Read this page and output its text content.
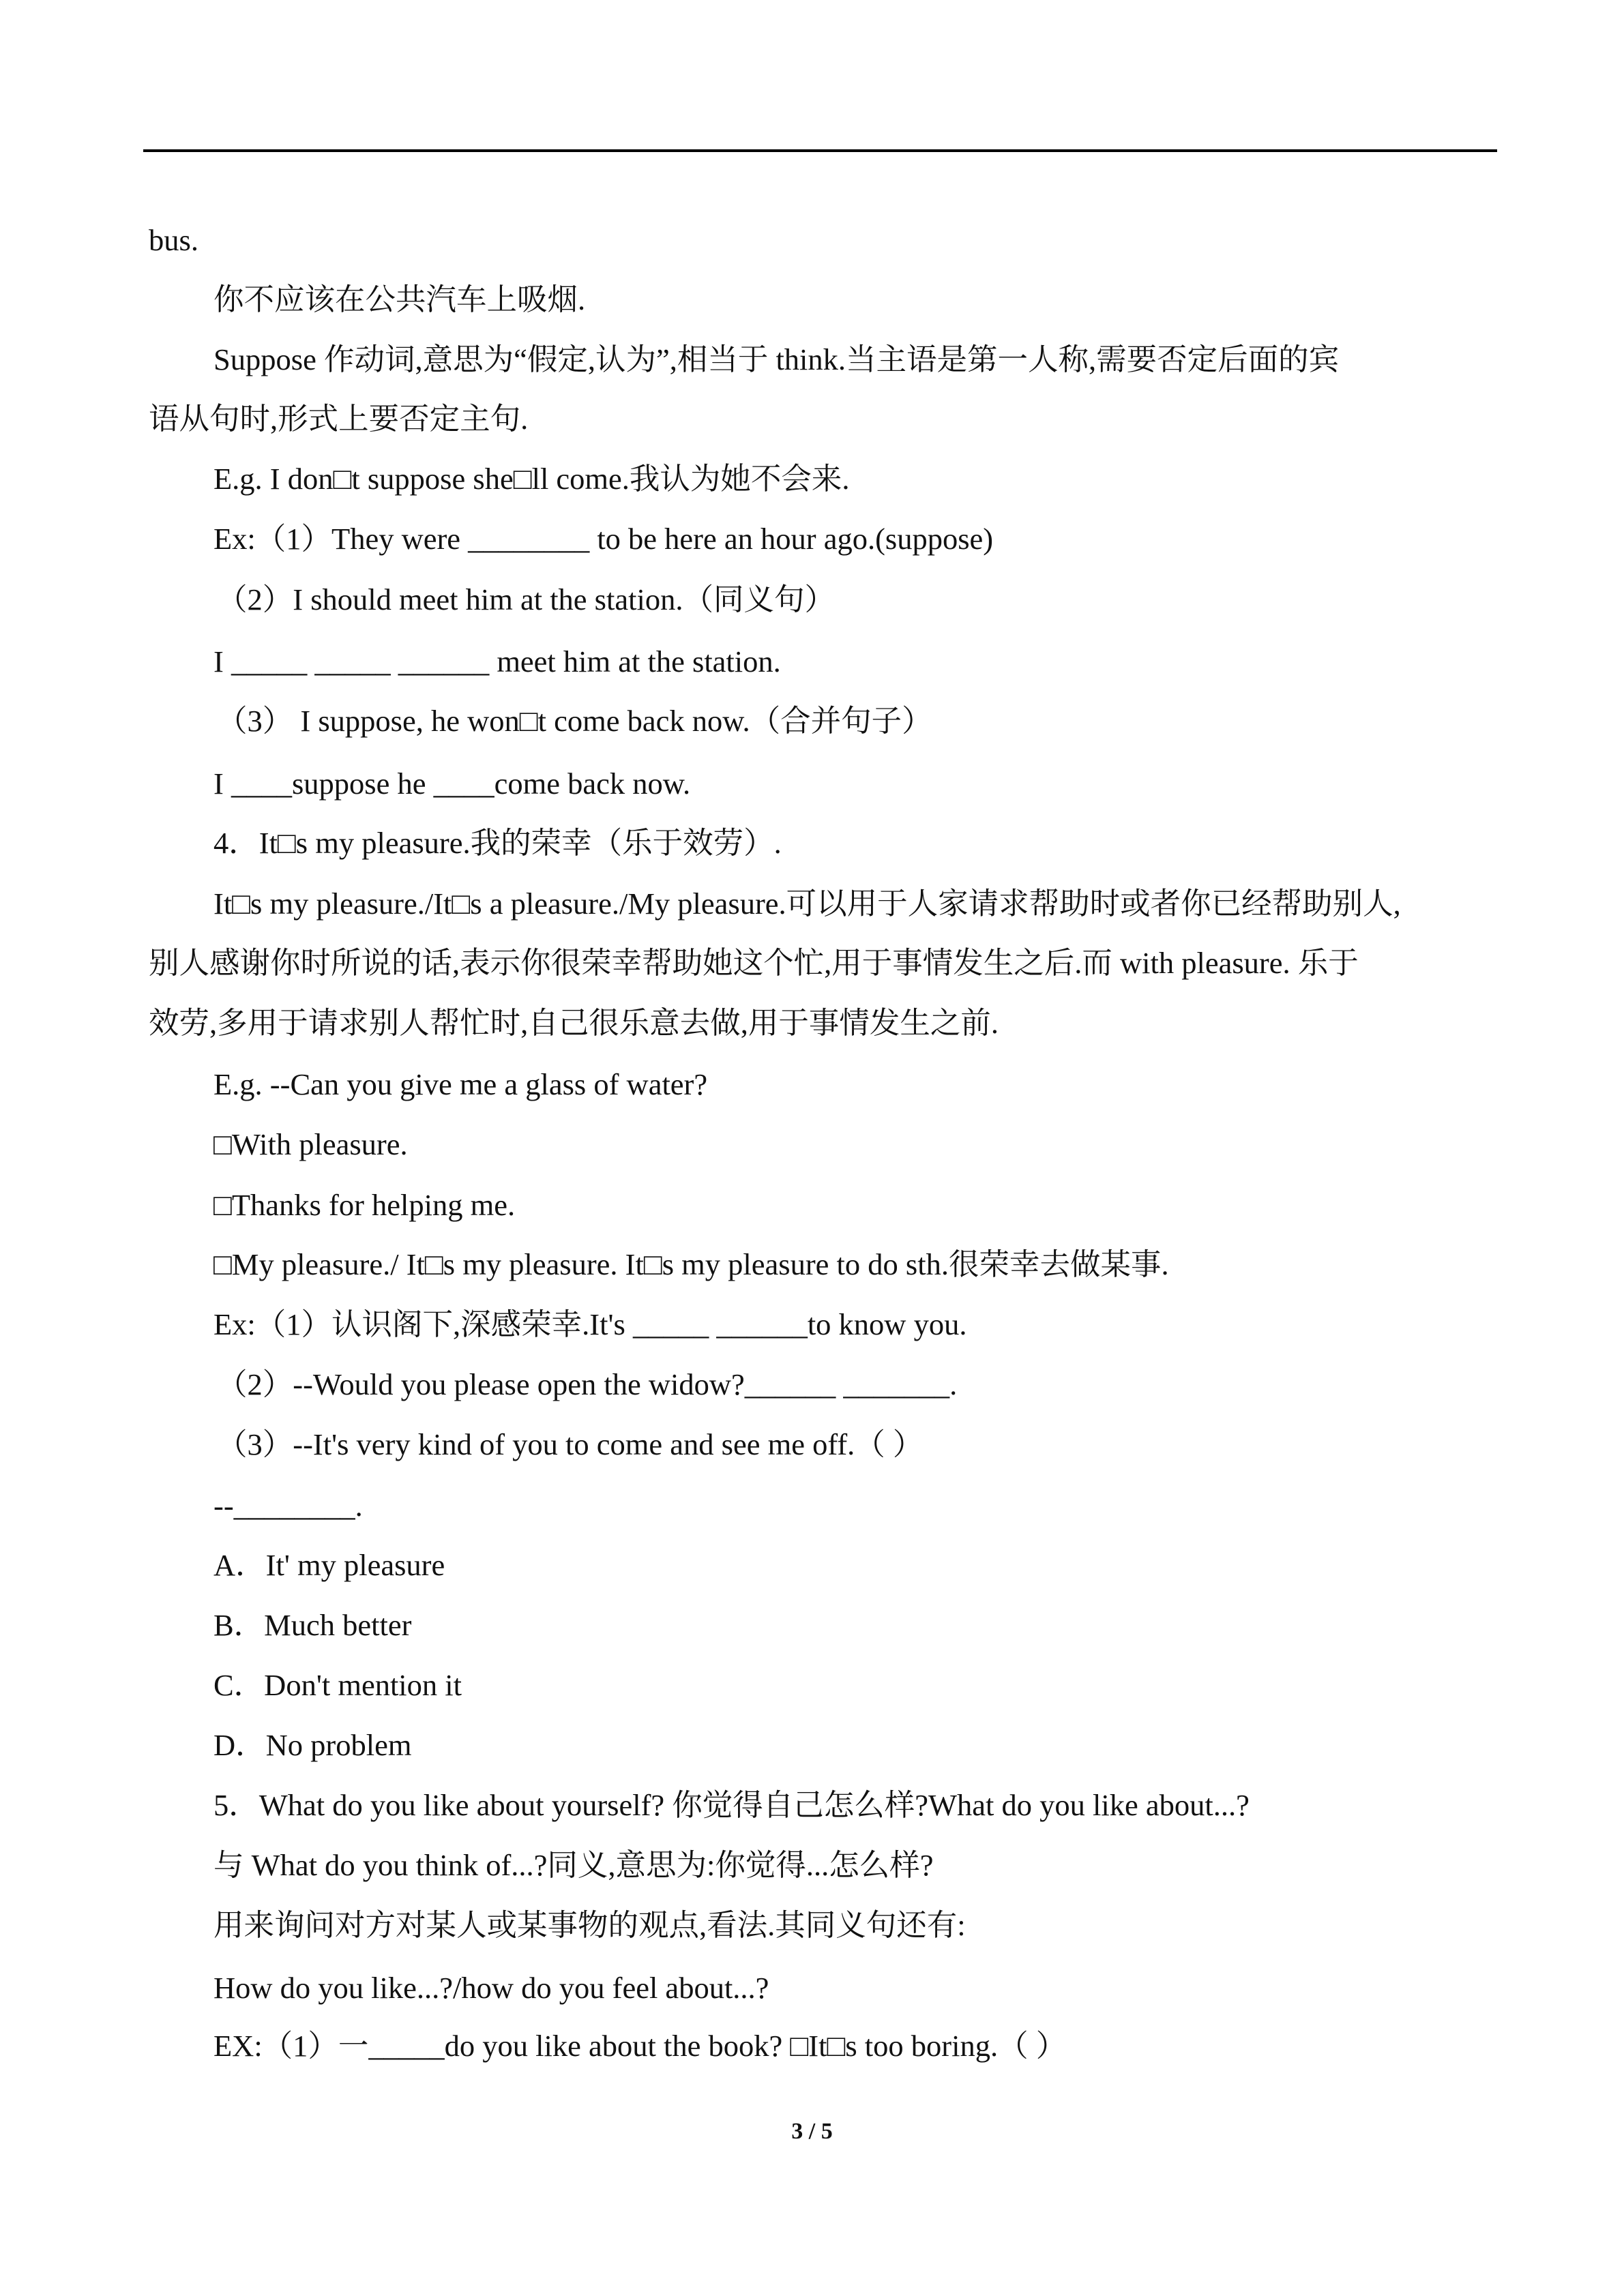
bus.
你不应该在公共汽车上吸烟.
Suppose 作动词,意思为“假定,认为”,相当于 think.当主语是第一人称,需要否定后面的宾
语从句时,形式上要否定主句.
E.g. I don□t suppose she□ll come.我认为她不会来.
Ex:（1）They were ________ to be here an hour ago.(suppose)
（2）I should meet him at the station.（同义句）
I _____ _____ ______ meet him at the station.
（3） I suppose, he won□t come back now.（合并句子）
I ____suppose he ____come back now.
4．It□s my pleasure.我的荣幸（乐于效劳）.
It□s my pleasure./It□s a pleasure./My pleasure.可以用于人家请求帮助时或者你已经帮助别人,
别人感谢你时所说的话,表示你很荣幸帮助她这个忙,用于事情发生之后.而 with pleasure. 乐于
效劳,多用于请求别人帮忙时,自己很乐意去做,用于事情发生之前.
E.g. --Can you give me a glass of water?
□With pleasure.
□Thanks for helping me.
□My pleasure./ It□s my pleasure. It□s my pleasure to do sth.很荣幸去做某事.
Ex:（1）认识阁下,深感荣幸.It's _____ ______to know you.
（2）--Would you please open the widow?______ _______.
（3）--It's very kind of you to come and see me off.（ ）
--________.
A．It' my pleasure
B．Much better
C．Don't mention it
D．No problem
5．What do you like about yourself? 你觉得自己怎么样?What do you like about...?
与 What do you think of...?同义,意思为:你觉得...怎么样?
用来询问对方对某人或某事物的观点,看法.其同义句还有:
How do you like...?/how do you feel about...?
EX:（1）一_____do you like about the book? □It□s too boring.（ ）
3 / 5
